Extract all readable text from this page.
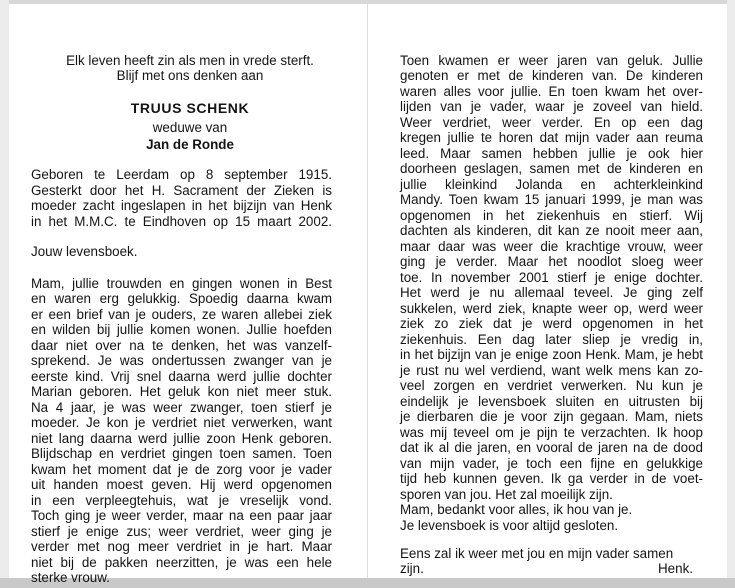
Elk leven heeft zin als men in vrede sterft.
Blijf met ons denken aan
TRUUS SCHENK
weduwe van
Jan de Ronde
Geboren te Leerdam op 8 september 1915.
Gesterkt door het H. Sacrament der Zieken is
moeder zacht ingeslapen in het bijzijn van Henk
in het M.M.C. te Eindhoven op 15 maart 2002.
Jouw levensboek.
Mam, jullie trouwden en gingen wonen in Best
en waren erg gelukkig. Spoedig daarna kwam
er een brief van je ouders, ze waren allebei ziek
en wilden bij jullie komen wonen. Jullie hoefden
daar niet over na te denken, het was vanzelf-
sprekend. Je was ondertussen zwanger van je
eerste kind. Vrij snel daarna werd jullie dochter
Marian geboren. Het geluk kon niet meer stuk.
Na 4 jaar, je was weer zwanger, toen stierf je
moeder. Je kon je verdriet niet verwerken, want
niet lang daarna werd jullie zoon Henk geboren.
Blijdschap en verdriet gingen toen samen. Toen
kwam het moment dat je de zorg voor je vader
uit handen moest geven. Hij werd opgenomen
in een verpleegtehuis, wat je vreselijk vond.
Toch ging je weer verder, maar na een paar jaar
stierf je enige zus; weer verdriet, weer ging je
verder met nog meer verdriet in je hart. Maar
niet bij de pakken neerzitten, je was een hele
sterke vrouw.
Toen kwamen er weer jaren van geluk. Jullie
genoten er met de kinderen van. De kinderen
waren alles voor jullie. En toen kwam het over-
lijden van je vader, waar je zoveel van hield.
Weer verdriet, weer verder. En op een dag
kregen jullie te horen dat mijn vader aan reuma
leed. Maar samen hebben jullie je ook hier
doorheen geslagen, samen met de kinderen en
jullie kleinkind Jolanda en achterkleinkind
Mandy. Toen kwam 15 januari 1999, je man was
opgenomen in het ziekenhuis en stierf. Wij
dachten als kinderen, dit kan ze nooit meer aan,
maar daar was weer die krachtige vrouw, weer
ging je verder. Maar het noodlot sloeg weer
toe. In november 2001 stierf je enige dochter.
Het werd je nu allemaal teveel. Je ging zelf
sukkelen, werd ziek, knapte weer op, werd weer
ziek zo ziek dat je werd opgenomen in het
ziekenhuis. Een dag later sliep je vredig in,
in het bijzijn van je enige zoon Henk. Mam, je hebt
je rust nu wel verdiend, want welk mens kan zo-
veel zorgen en verdriet verwerken. Nu kun je
eindelijk je levensboek sluiten en uitrusten bij
je dierbaren die je voor zijn gegaan. Mam, niets
was mij teveel om je pijn te verzachten. Ik hoop
dat ik al die jaren, en vooral de jaren na de dood
van mijn vader, je toch een fijne en gelukkige
tijd heb kunnen geven. Ik ga verder in de voet-
sporen van jou. Het zal moeilijk zijn.
Mam, bedankt voor alles, ik hou van je.
Je levensboek is voor altijd gesloten.
Eens zal ik weer met jou en mijn vader samen
zijn.	Henk.
